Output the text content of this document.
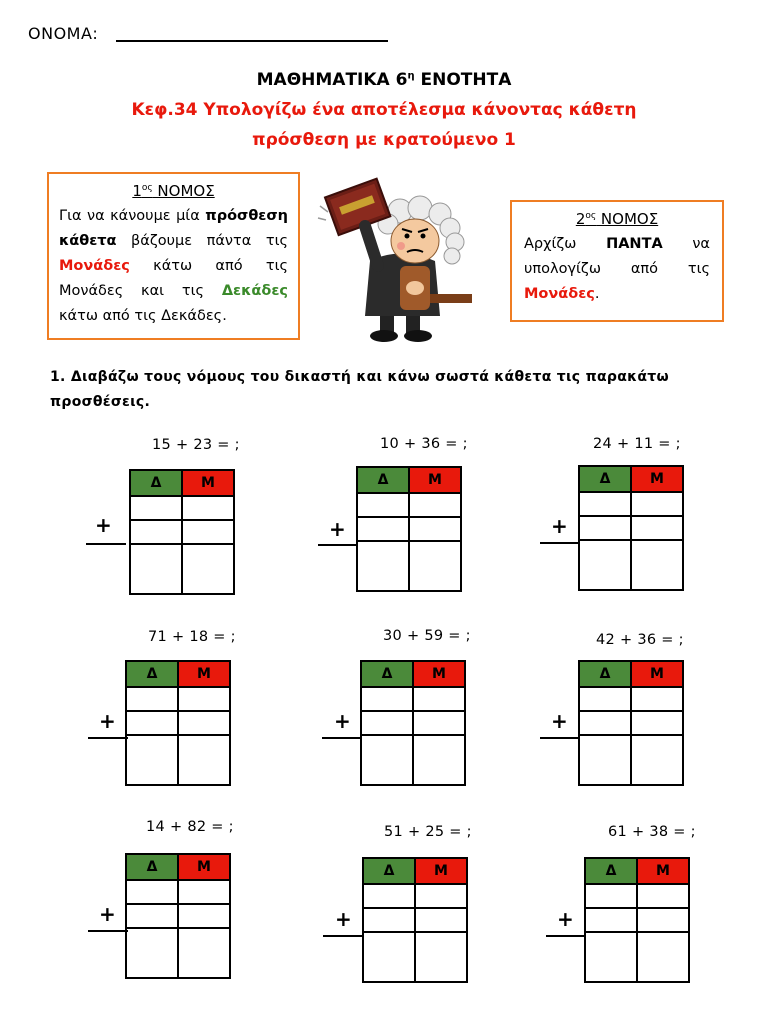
ΟΝΟΜΑ:
ΜΑΘΗΜΑΤΙΚΑ $6^\eta$ ΕΝΟΤΗΤΑ
Κεφ.34 Υπολογίζω ένα αποτέλεσμα κάνοντας κάθετη
πρόσθεση με κρατούμενο 1
$1^{o\varsigma}$ ΝΟΜΟΣ
Για να κάνουμε μία πρόσθεση κάθετα βάζουμε πάντα τις Μονάδες κάτω από τις Μονάδες και τις Δεκάδες κάτω από τις Δεκάδες.
$2^{o\varsigma}$ ΝΟΜΟΣ
Αρχίζω ΠΑΝΤΑ να υπολογίζω από τις Μονάδες.
1. Διαβάζω τους νόμους του δικαστή και κάνω σωστά κάθετα τις παρακάτω προσθέσεις.
15 + 23 = ;	10 + 36 = ;	24 + 11 = ;
71 + 18 = ;	30 + 59 = ;	42 + 36 = ;
14 + 82 = ;	51 + 25 = ;	61 + 38 = ;
Δ	Μ

		Δ	Μ

		Δ	Μ

Δ	Μ

		Δ	Μ

		Δ	Μ

Δ	Μ

		Δ	Μ

		Δ	Μ

+	+	+
+	+	+
+	+	+
